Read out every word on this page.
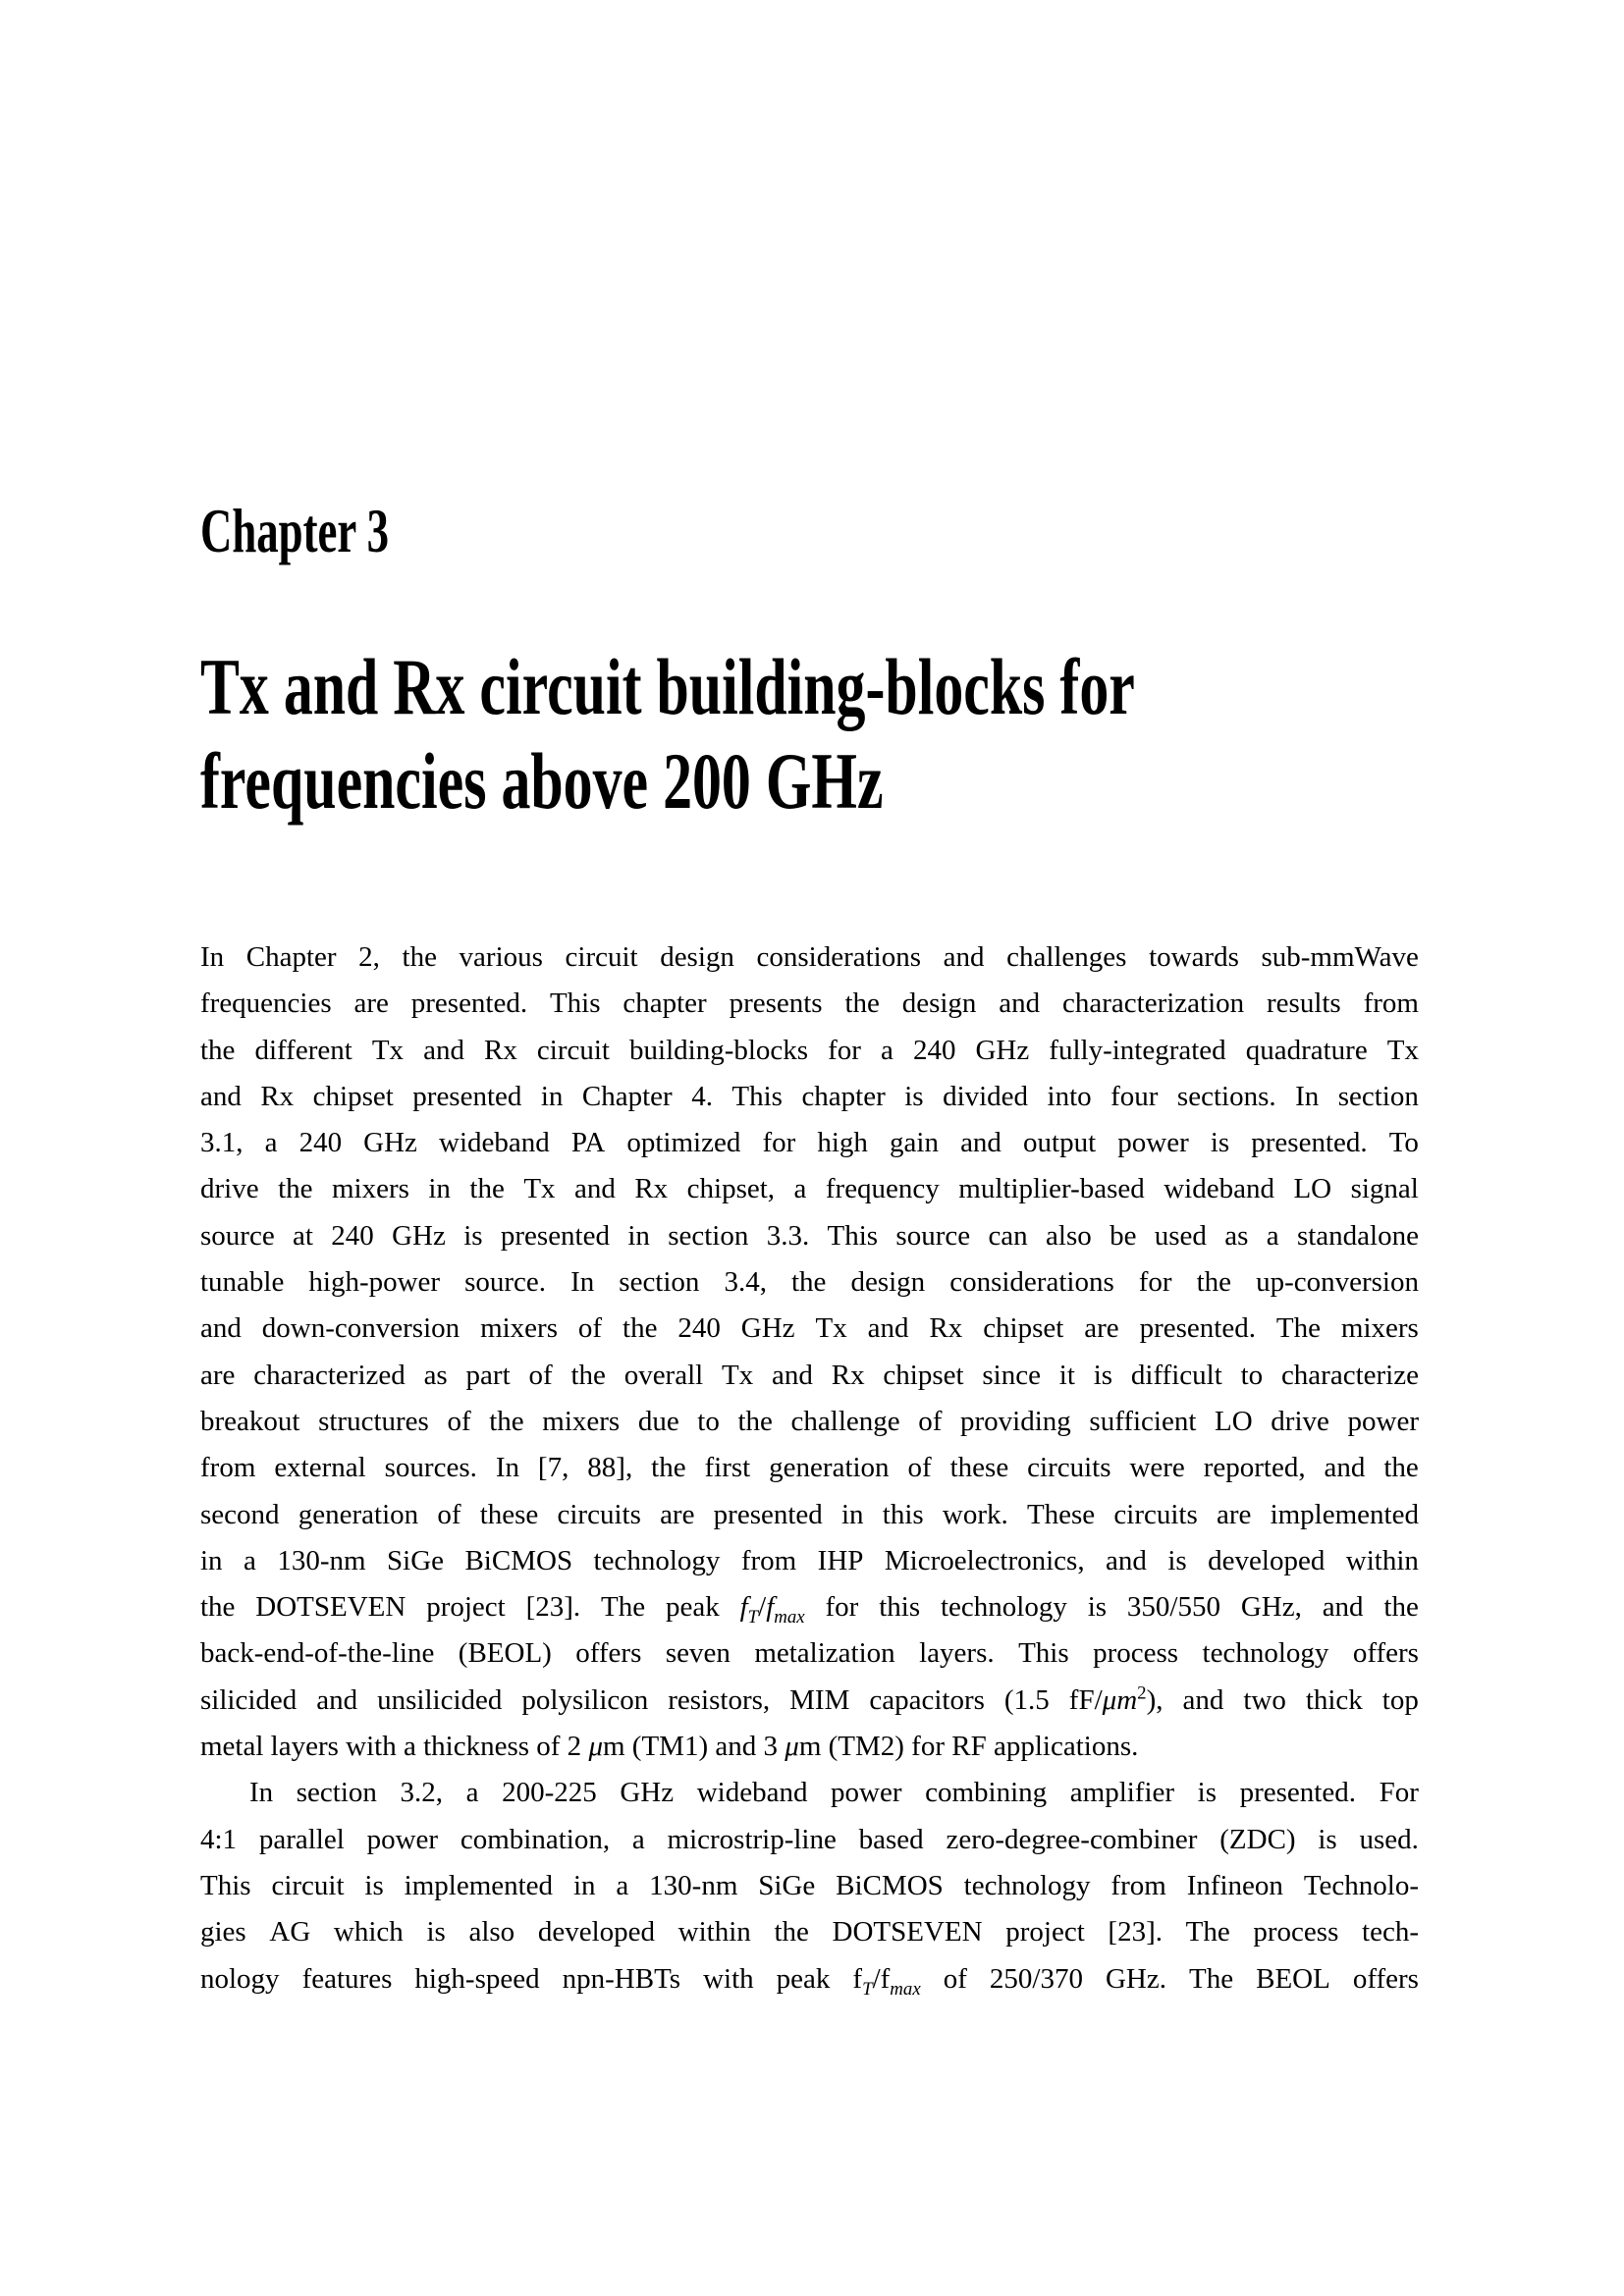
Chapter 3
Tx and Rx circuit building-blocks for
frequencies above 200 GHz
In Chapter 2, the various circuit design considerations and challenges towards sub-mmWave
frequencies are presented. This chapter presents the design and characterization results from
the different Tx and Rx circuit building-blocks for a 240 GHz fully-integrated quadrature Tx
and Rx chipset presented in Chapter 4. This chapter is divided into four sections. In section
3.1, a 240 GHz wideband PA optimized for high gain and output power is presented. To
drive the mixers in the Tx and Rx chipset, a frequency multiplier-based wideband LO signal
source at 240 GHz is presented in section 3.3. This source can also be used as a standalone
tunable high-power source. In section 3.4, the design considerations for the up-conversion
and down-conversion mixers of the 240 GHz Tx and Rx chipset are presented. The mixers
are characterized as part of the overall Tx and Rx chipset since it is difficult to characterize
breakout structures of the mixers due to the challenge of providing sufficient LO drive power
from external sources. In [7, 88], the first generation of these circuits were reported, and the
second generation of these circuits are presented in this work. These circuits are implemented
in a 130-nm SiGe BiCMOS technology from IHP Microelectronics, and is developed within
the DOTSEVEN project [23]. The peak $f_T/f_{max}$ for this technology is 350/550 GHz, and the
back-end-of-the-line (BEOL) offers seven metalization layers. This process technology offers
silicided and unsilicided polysilicon resistors, MIM capacitors (1.5 $fF/\mu m^2$), and two thick top
metal layers with a thickness of 2 μm (TM1) and 3 μm (TM2) for RF applications.
In section 3.2, a 200-225 GHz wideband power combining amplifier is presented. For
4:1 parallel power combination, a microstrip-line based zero-degree-combiner (ZDC) is used.
This circuit is implemented in a 130-nm SiGe BiCMOS technology from Infineon Technolo-
gies AG which is also developed within the DOTSEVEN project [23]. The process tech-
nology features high-speed npn-HBTs with peak $f_T/f_{max}$ of 250/370 GHz. The BEOL offers
